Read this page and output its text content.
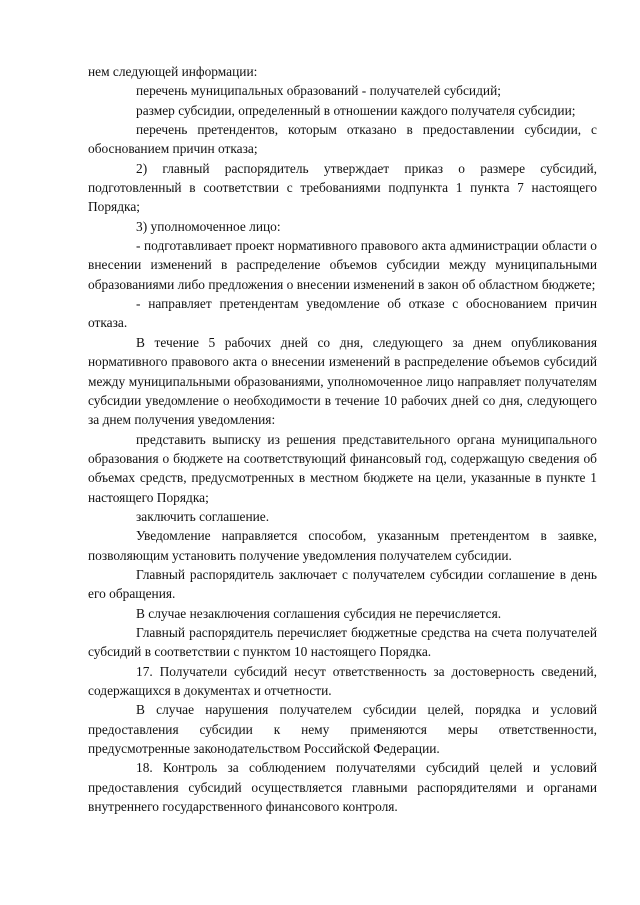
нем следующей информации:

перечень муниципальных образований - получателей субсидий;

размер субсидии, определенный в отношении каждого получателя субсидии;

перечень претендентов, которым отказано в предоставлении субсидии, с обоснованием причин отказа;

2) главный распорядитель утверждает приказ о размере субсидий, подготовленный в соответствии с требованиями подпункта 1 пункта 7 настоящего Порядка;

3) уполномоченное лицо:

- подготавливает проект нормативного правового акта администрации области о внесении изменений в распределение объемов субсидии между муниципальными образованиями либо предложения о внесении изменений в закон об областном бюджете;

- направляет претендентам уведомление об отказе с обоснованием причин отказа.

В течение 5 рабочих дней со дня, следующего за днем опубликования нормативного правового акта о внесении изменений в распределение объемов субсидий между муниципальными образованиями, уполномоченное лицо направляет получателям субсидии уведомление о необходимости в течение 10 рабочих дней со дня, следующего за днем получения уведомления:

представить выписку из решения представительного органа муниципального образования о бюджете на соответствующий финансовый год, содержащую сведения об объемах средств, предусмотренных в местном бюджете на цели, указанные в пункте 1 настоящего Порядка;

заключить соглашение.

Уведомление направляется способом, указанным претендентом в заявке, позволяющим установить получение уведомления получателем субсидии.

Главный распорядитель заключает с получателем субсидии соглашение в день его обращения.

В случае незаключения соглашения субсидия не перечисляется.

Главный распорядитель перечисляет бюджетные средства на счета получателей субсидий в соответствии с пунктом 10 настоящего Порядка.

17. Получатели субсидий несут ответственность за достоверность сведений, содержащихся в документах и отчетности.

В случае нарушения получателем субсидии целей, порядка и условий предоставления субсидии к нему применяются меры ответственности, предусмотренные законодательством Российской Федерации.

18. Контроль за соблюдением получателями субсидий целей и условий предоставления субсидий осуществляется главными распорядителями и органами внутреннего государственного финансового контроля.
